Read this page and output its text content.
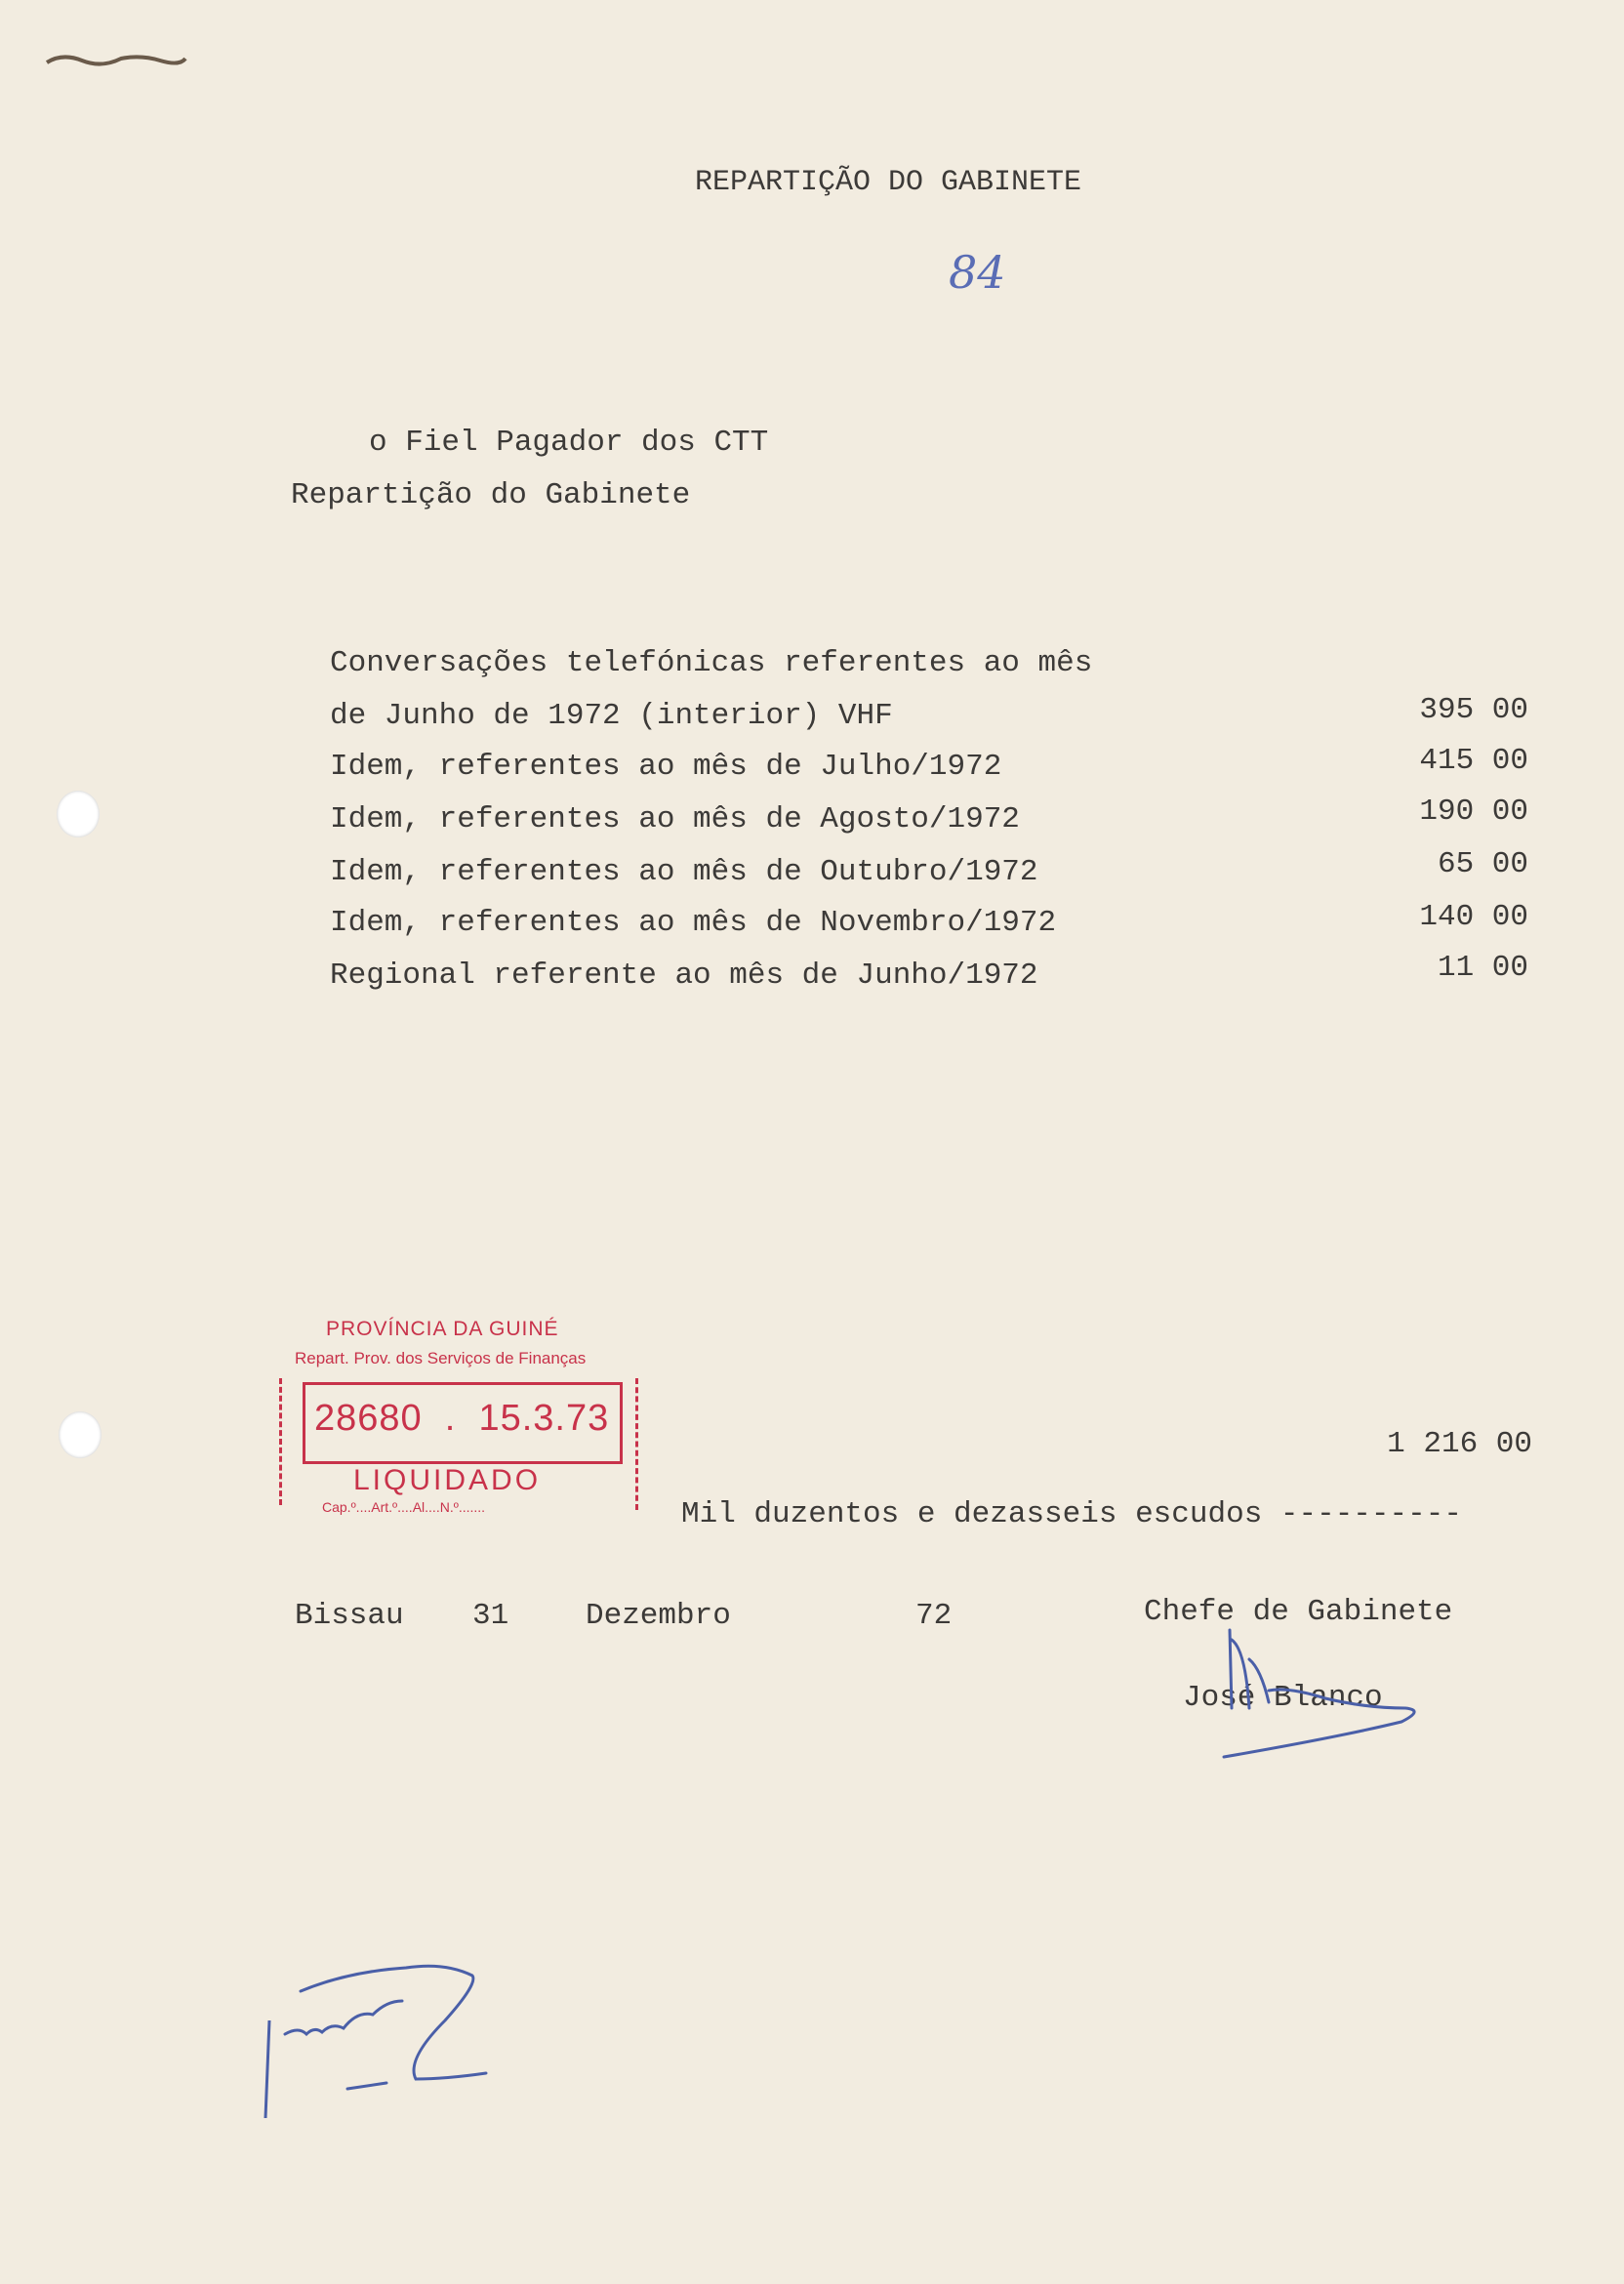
REPARTIÇÃO DO GABINETE
84
o Fiel Pagador dos CTT
Repartição do Gabinete
Conversações telefónicas referentes ao mês
de Junho de 1972 (interior) VHF	395 00
Idem, referentes ao mês de Julho/1972	415 00
Idem, referentes ao mês de Agosto/1972	190 00
Idem, referentes ao mês de Outubro/1972	65 00
Idem, referentes ao mês de Novembro/1972	140 00
Regional referente ao mês de Junho/1972	11 00
PROVÍNCIA DA GUINÉ
Repart. Prov. dos Serviços de Finanças
28680  .  15.3.73
LIQUIDADO
Cap.º....Art.º....Al....N.º.......
1 216 00
Mil duzentos e dezasseis escudos ----------
Bissau 31	Dezembro	72	Chefe de Gabinete
José Blanco
